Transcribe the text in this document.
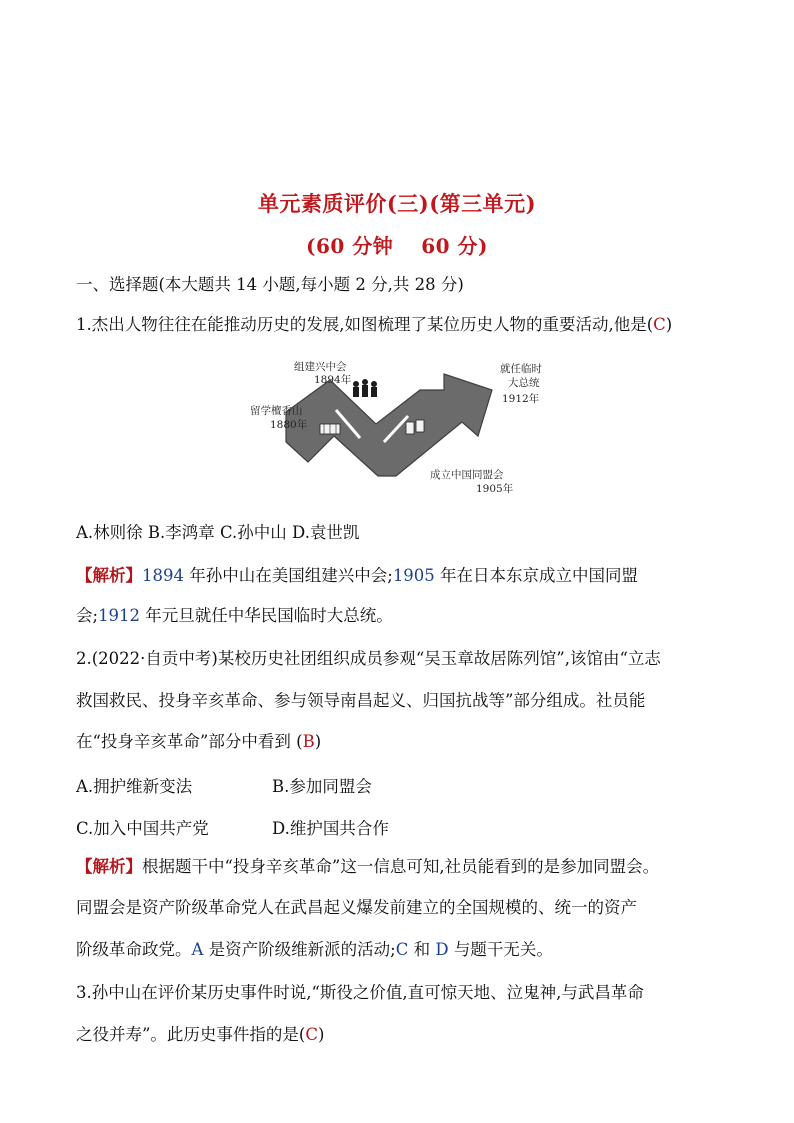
单元素质评价(三)(第三单元)
(60 分钟　 60 分)
一、选择题(本大题共 14 小题,每小题 2 分,共 28 分)
1.杰出人物往往在能推动历史的发展,如图梳理了某位历史人物的重要活动,他是(C)
组建兴中会
1894年
留学檀香山
1880年
成立中国同盟会
1905年
就任临时
大总统
1912年
A.林则徐 B.李鸿章 C.孙中山 D.袁世凯
【解析】1894 年孙中山在美国组建兴中会;1905 年在日本东京成立中国同盟
会;1912 年元旦就任中华民国临时大总统。
2.(2022·自贡中考)某校历史社团组织成员参观“吴玉章故居陈列馆”,该馆由“立志
救国救民、投身辛亥革命、参与领导南昌起义、归国抗战等”部分组成。社员能
在“投身辛亥革命”部分中看到 (B)
A.拥护维新变法	B.参加同盟会
C.加入中国共产党	D.维护国共合作
【解析】根据题干中“投身辛亥革命”这一信息可知,社员能看到的是参加同盟会。
同盟会是资产阶级革命党人在武昌起义爆发前建立的全国规模的、统一的资产
阶级革命政党。A 是资产阶级维新派的活动;C 和 D 与题干无关。
3.孙中山在评价某历史事件时说,“斯役之价值,直可惊天地、泣鬼神,与武昌革命
之役并寿”。此历史事件指的是(C)
